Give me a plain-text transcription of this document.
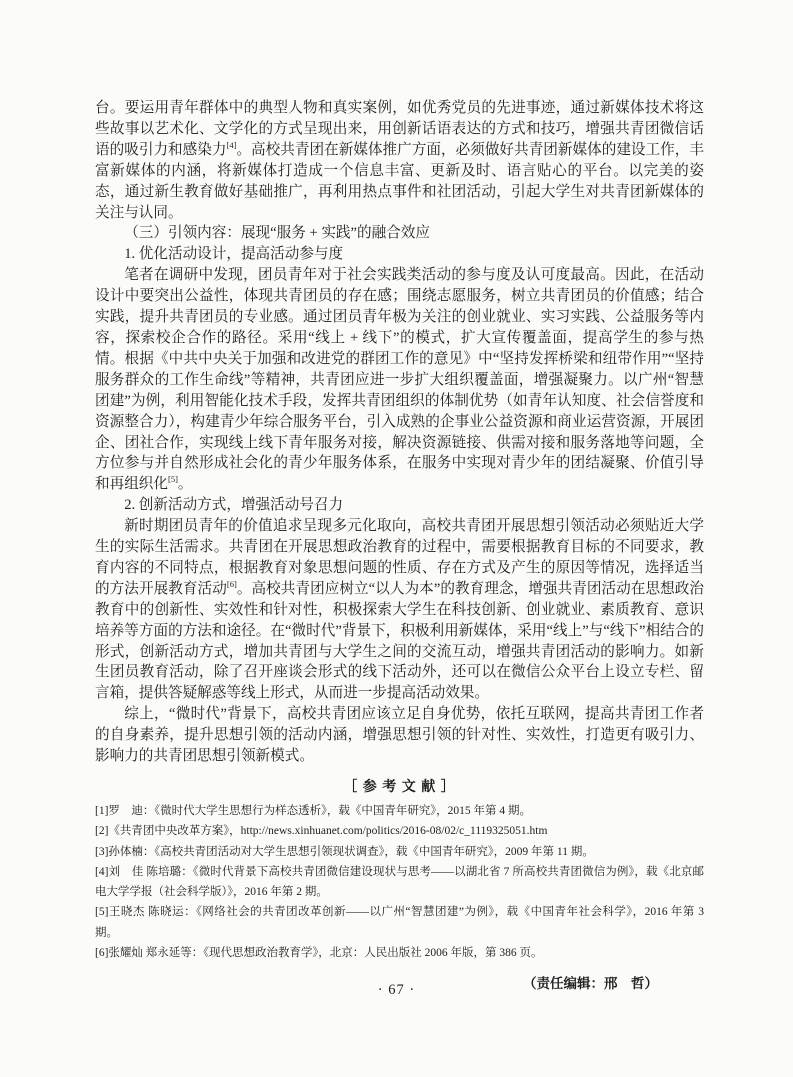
台。要运用青年群体中的典型人物和真实案例，如优秀党员的先进事迹，通过新媒体技术将这些故事以艺术化、文学化的方式呈现出来，用创新话语表达的方式和技巧，增强共青团微信话语的吸引力和感染力[4]。高校共青团在新媒体推广方面，必须做好共青团新媒体的建设工作，丰富新媒体的内涵，将新媒体打造成一个信息丰富、更新及时、语言贴心的平台。以完美的姿态，通过新生教育做好基础推广，再利用热点事件和社团活动，引起大学生对共青团新媒体的关注与认同。

（三）引领内容：展现“服务 + 实践”的融合效应

1. 优化活动设计，提高活动参与度

笔者在调研中发现，团员青年对于社会实践类活动的参与度及认可度最高。因此，在活动设计中要突出公益性，体现共青团员的存在感；围绕志愿服务，树立共青团员的价值感；结合实践，提升共青团员的专业感。通过团员青年极为关注的创业就业、实习实践、公益服务等内容，探索校企合作的路径。采用“线上 + 线下”的模式，扩大宣传覆盖面，提高学生的参与热情。根据《中共中央关于加强和改进党的群团工作的意见》中“坚持发挥桥梁和纽带作用”“坚持服务群众的工作生命线”等精神，共青团应进一步扩大组织覆盖面，增强凝聚力。以广州“智慧团建”为例，利用智能化技术手段，发挥共青团组织的体制优势（如青年认知度、社会信誉度和资源整合力），构建青少年综合服务平台，引入成熟的企事业公益资源和商业运营资源，开展团企、团社合作，实现线上线下青年服务对接，解决资源链接、供需对接和服务落地等问题，全方位参与并自然形成社会化的青少年服务体系，在服务中实现对青少年的团结凝聚、价值引导和再组织化[5]。

2. 创新活动方式，增强活动号召力

新时期团员青年的价值追求呈现多元化取向，高校共青团开展思想引领活动必须贴近大学生的实际生活需求。共青团在开展思想政治教育的过程中，需要根据教育目标的不同要求，教育内容的不同特点，根据教育对象思想问题的性质、存在方式及产生的原因等情况，选择适当的方法开展教育活动[6]。高校共青团应树立“以人为本”的教育理念，增强共青团活动在思想政治教育中的创新性、实效性和针对性，积极探索大学生在科技创新、创业就业、素质教育、意识培养等方面的方法和途径。在“微时代”背景下，积极利用新媒体，采用“线上”与“线下”相结合的形式，创新活动方式，增加共青团与大学生之间的交流互动，增强共青团活动的影响力。如新生团员教育活动，除了召开座谈会形式的线下活动外，还可以在微信公众平台上设立专栏、留言箱，提供答疑解惑等线上形式，从而进一步提高活动效果。

综上，“微时代”背景下，高校共青团应该立足自身优势，依托互联网，提高共青团工作者的自身素养，提升思想引领的活动内涵，增强思想引领的针对性、实效性，打造更有吸引力、影响力的共青团思想引领新模式。

［ 参 考 文 献 ］

[1]罗　迪：《微时代大学生思想行为样态透析》，载《中国青年研究》，2015 年第 4 期。

[2]《共青团中央改革方案》，http://news.xinhuanet.com/politics/2016-08/02/c_1119325051.htm

[3]孙体楠：《高校共青团活动对大学生思想引领现状调查》，载《中国青年研究》，2009 年第 11 期。

[4]刘　佳 陈培璐：《微时代背景下高校共青团微信建设现状与思考——以湖北省 7 所高校共青团微信为例》，载《北京邮电大学学报（社会科学版）》，2016 年第 2 期。

[5]王晓杰 陈晓运：《网络社会的共青团改革创新——以广州“智慧团建”为例》，载《中国青年社会科学》，2016 年第 3 期。

[6]张耀灿 郑永延等：《现代思想政治教育学》，北京：人民出版社 2006 年版，第 386 页。

（责任编辑：邢　哲）
· 67 ·
